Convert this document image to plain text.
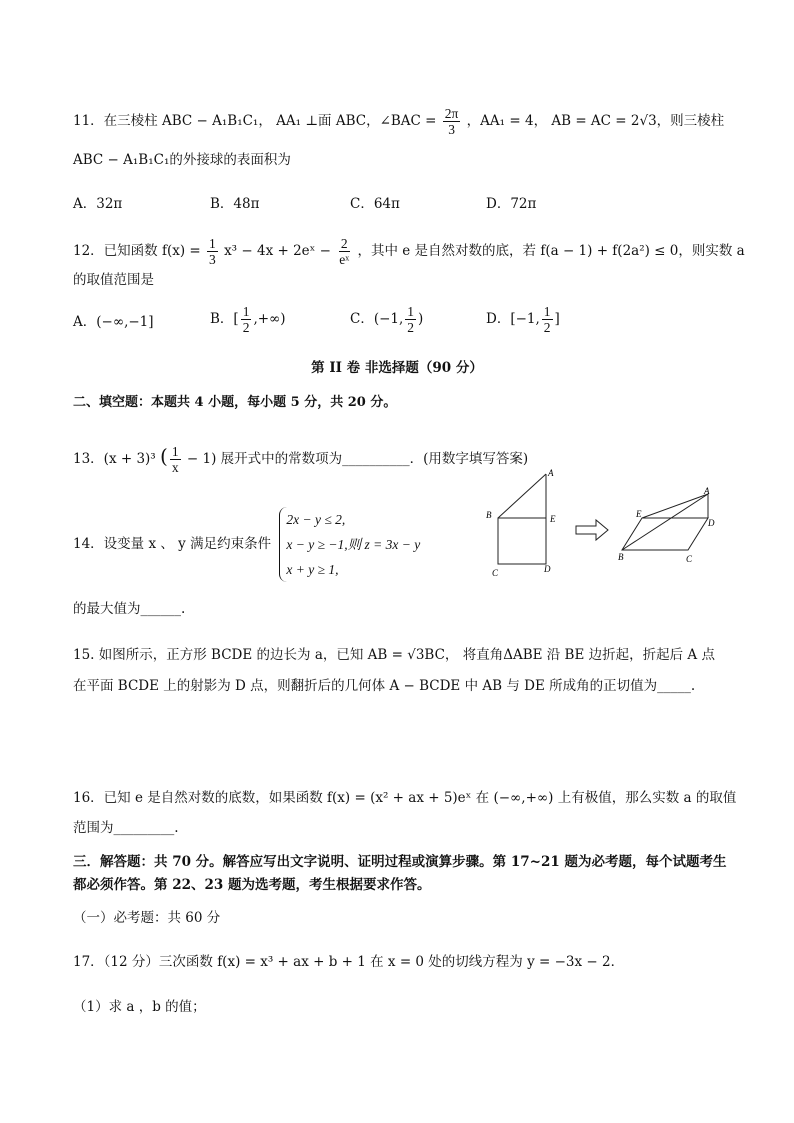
11．在三棱柱 ABC − A₁B₁C₁， AA₁ ⊥面 ABC，∠BAC = $\frac{2\pi}{3}$ ，AA₁ = 4， AB = AC = 2√3，则三棱柱
ABC − A₁B₁C₁的外接球的表面积为
A．32π	B．48π	C．64π	D．72π
12．已知函数 $f(x) = \frac{1}{3} x^3 - 4x$ + 2eˣ − $\frac{2}{\text{eˣ}}$ ，其中 e 是自然对数的底，若 f(a − 1) + f(2a²) ≤ 0，则实数 a
的取值范围是
A．(−∞,−1]	B．[ $\frac{1}{2}$ ,+∞)	C．(−1, $\frac{1}{2}$ )	D．[−1, $\frac{1}{2}$ ]
第 II 卷 非选择题（90 分）
二、填空题：本题共 4 小题，每小题 5 分，共 20 分。
13．(x + 3)³ ( $\frac{1}{x} - 1$) 展开式中的常数项为__________．(用数字填写答案)
14．设变量 x 、 y 满足约束条件
2x − y ≤ 2,
x − y ≥ −1,则 z = 3x − y
x + y ≥ 1,
的最大值为______.
A
B	E
C	D
A
E
D
B	C
15. 如图所示，正方形 BCDE 的边长为 a，已知 AB = √3BC， 将直角ΔABE 沿 BE 边折起，折起后 A 点
在平面 BCDE 上的射影为 D 点，则翻折后的几何体 A − BCDE 中 AB 与 DE 所成角的正切值为_____.
16．已知 e 是自然对数的底数，如果函数 f(x) = (x² + ax + 5)eˣ 在 (−∞,+∞) 上有极值，那么实数 a 的取值
范围为_________.
三．解答题：共 70 分。解答应写出文字说明、证明过程或演算步骤。第 17~21 题为必考题，每个试题考生
都必须作答。第 22、23 题为选考题，考生根据要求作答。
（一）必考题：共 60 分
17．（12 分）三次函数 f(x) = x³ + ax + b + 1 在 x = 0 处的切线方程为 y = −3x − 2．
（1）求 a ，b 的值；
